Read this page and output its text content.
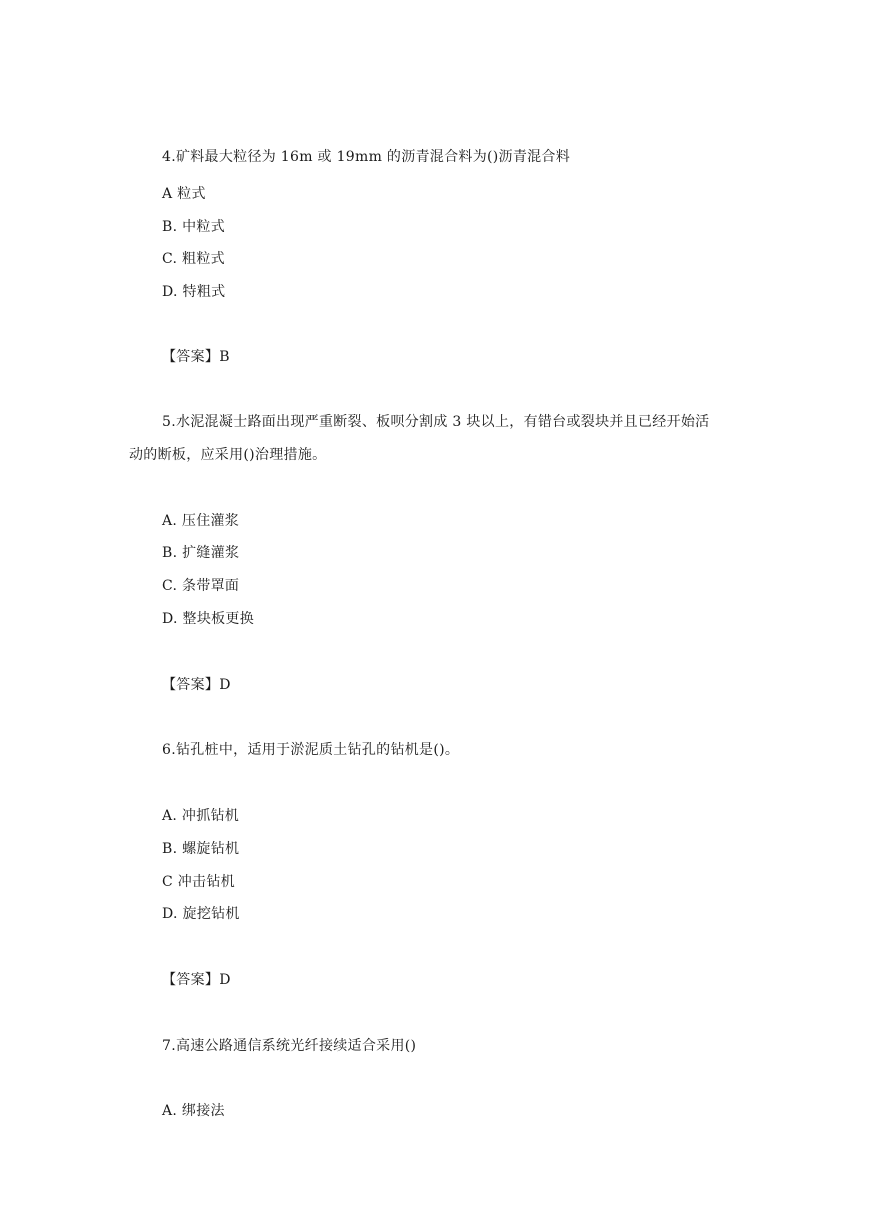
4.矿料最大粒径为 16m 或 19mm 的沥青混合料为()沥青混合料
A 粒式
B. 中粒式
C. 粗粒式
D. 特粗式
【答案】B
5.水泥混凝士路面出现严重断裂、板呗分割成 3 块以上，有错台或裂块并且已经开始活
动的断板，应采用()治理措施。
A. 压住灌浆
B. 扩缝灌浆
C. 条带罩面
D. 整块板更换
【答案】D
6.钻孔桩中，适用于淤泥质土钻孔的钻机是()。
A. 冲抓钻机
B. 螺旋钻机
C 冲击钻机
D. 旋挖钻机
【答案】D
7.高速公路通信系统光纤接续适合采用()
A. 绑接法
